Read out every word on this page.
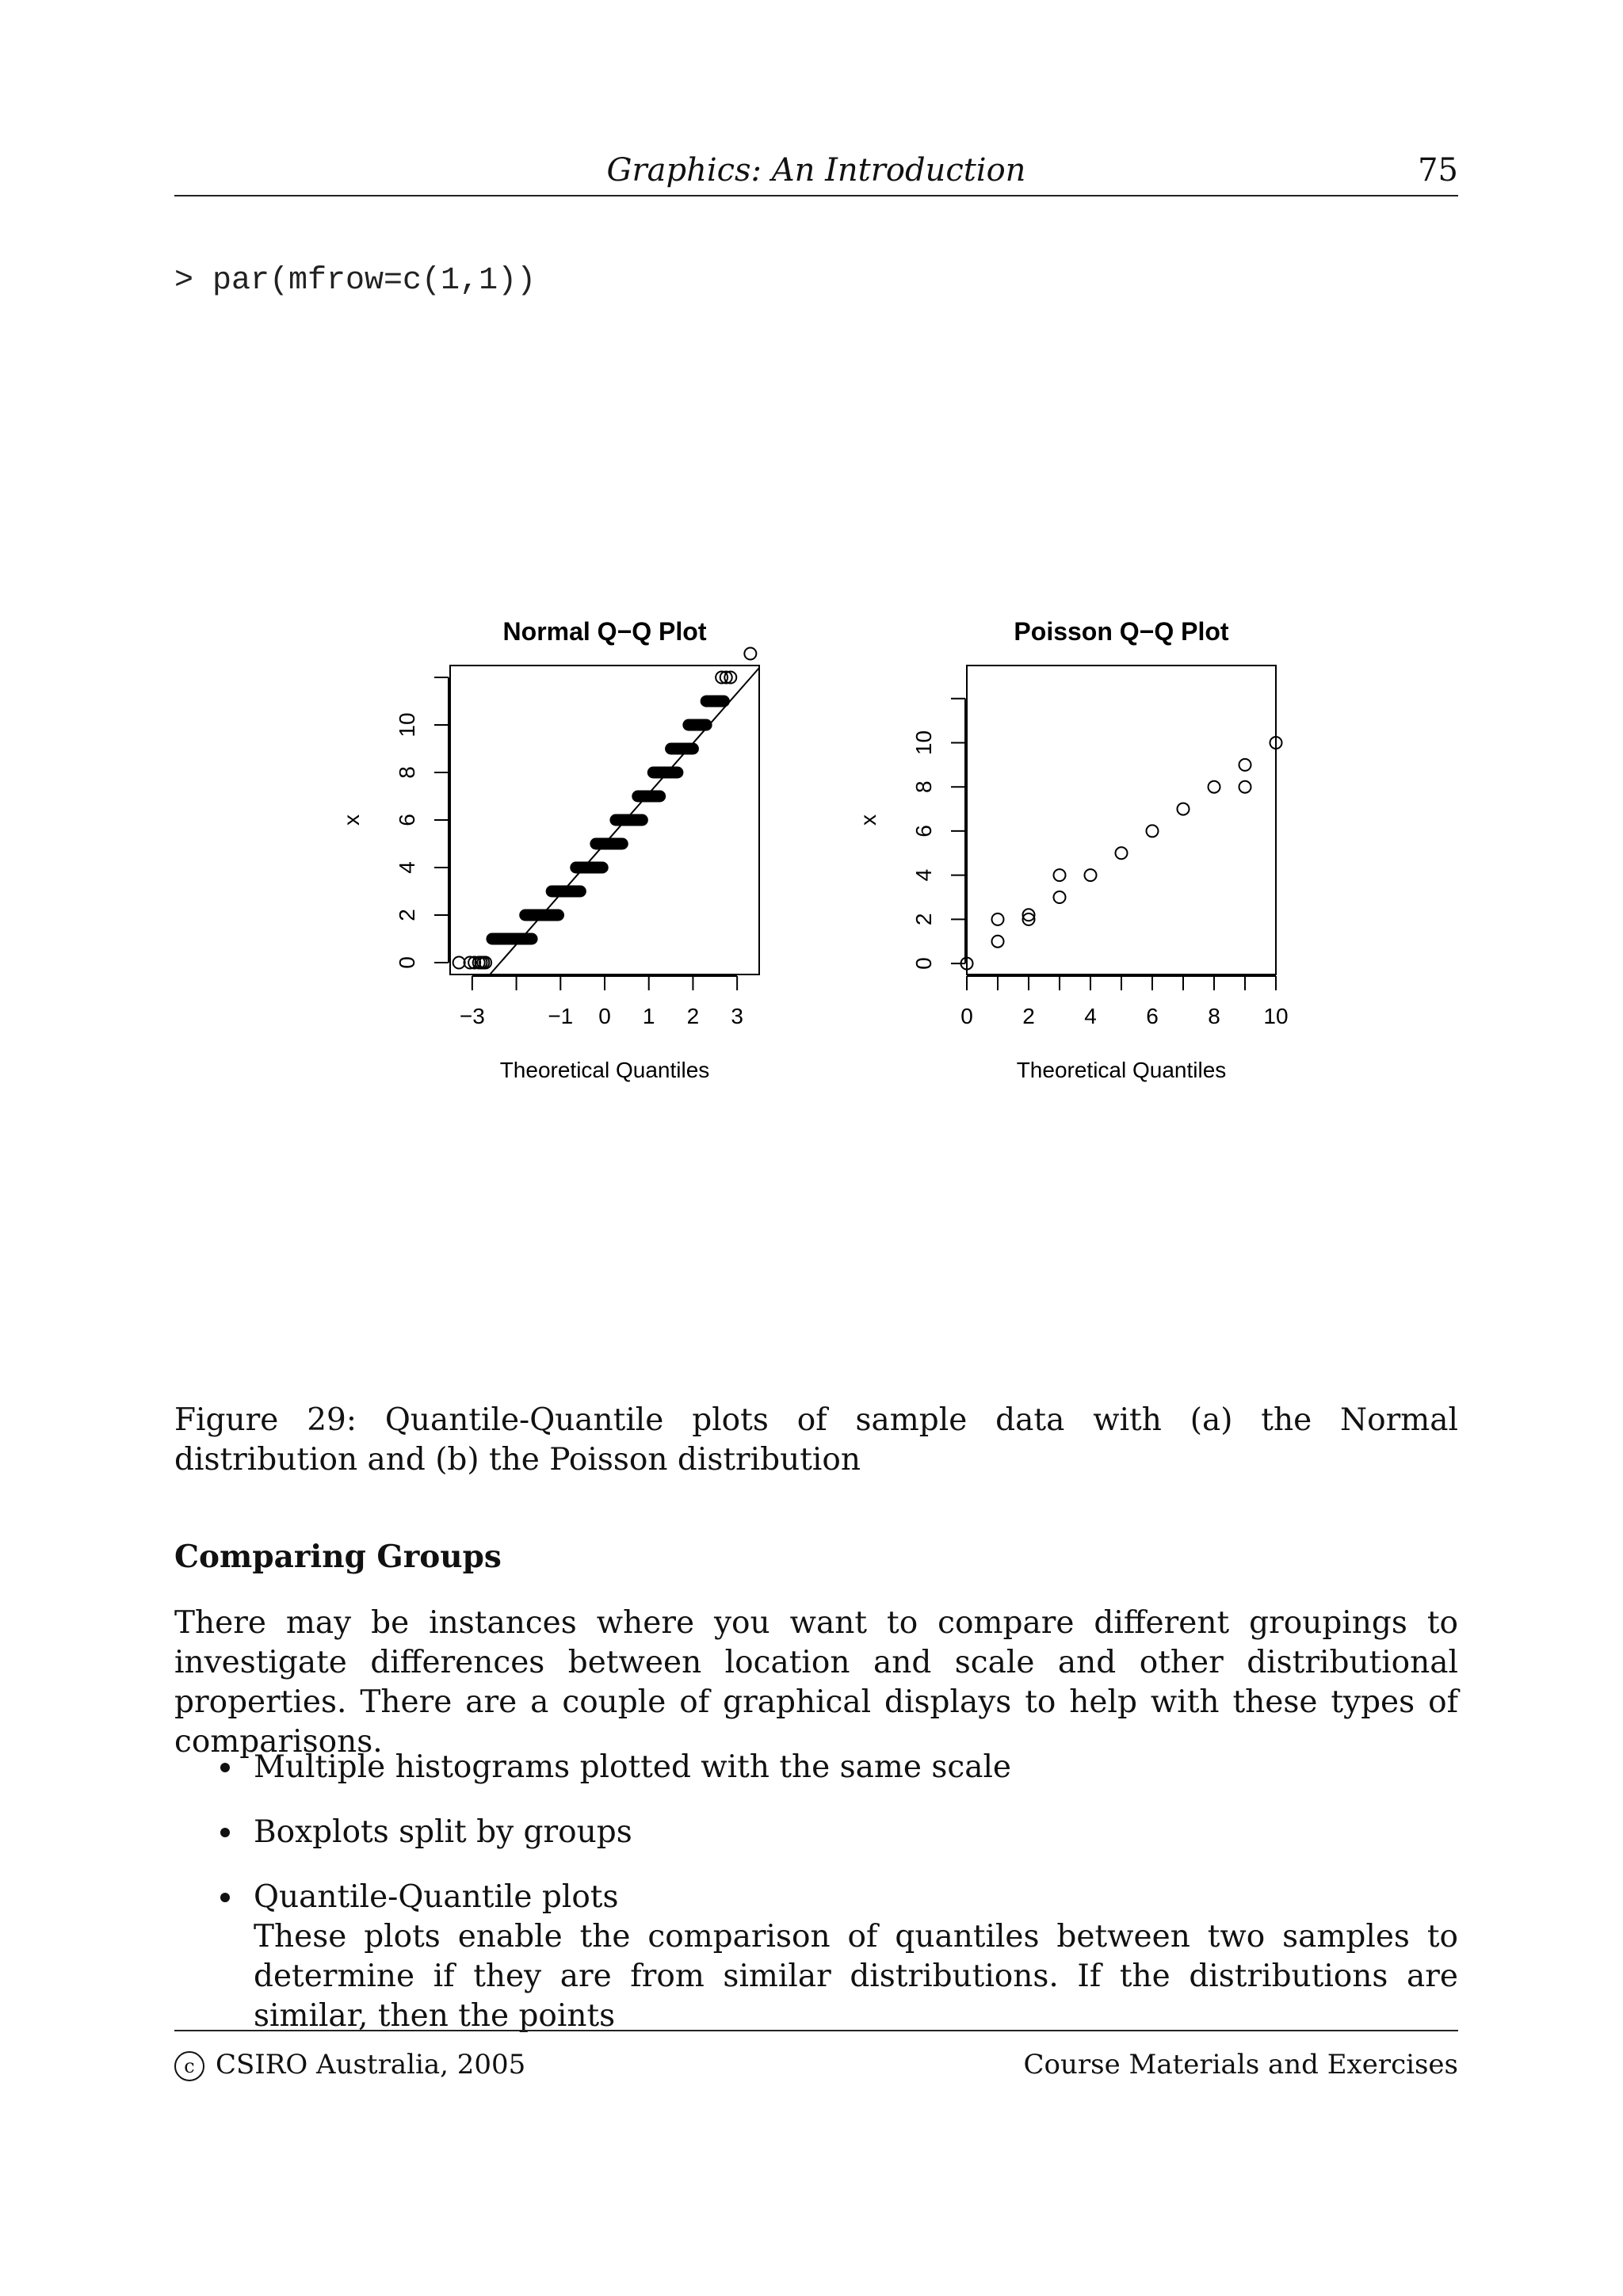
Graphics: An Introduction	75
> par(mfrow=c(1,1))
Normal Q−Q Plot
Theoretical Quantiles
x
−3	−1 0 1 2 3
0
2
4
6
8
10
Poisson Q−Q Plot
Theoretical Quantiles
x
0 2 4 6 8 10
0
2
4
6
8
10
Figure 29: Quantile-Quantile plots of sample data with (a) the Normal distribution and (b) the Poisson distribution
Comparing Groups
There may be instances where you want to compare different groupings to investigate differences between location and scale and other distributional properties. There are a couple of graphical displays to help with these types of comparisons.
Multiple histograms plotted with the same scale
Boxplots split by groups
Quantile-Quantile plots
These plots enable the comparison of quantiles between two samples to determine if they are from similar distributions. If the distributions are similar, then the points
c CSIRO Australia, 2005	Course Materials and Exercises
